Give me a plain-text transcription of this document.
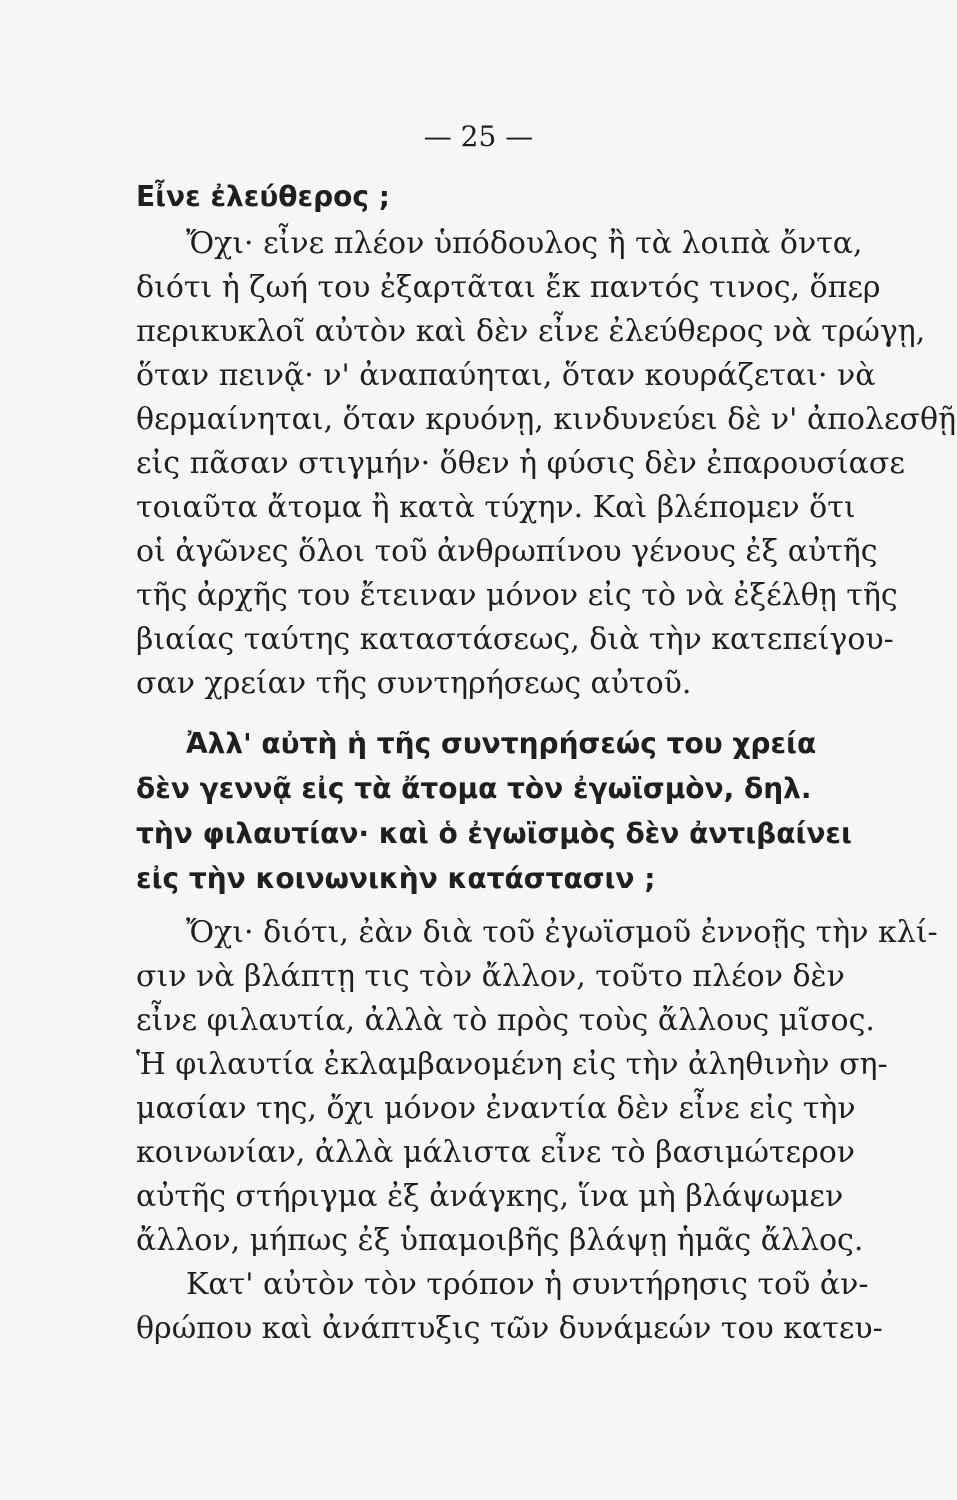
— 25 —
Εἶνε ἐλεύθερος ;
Ὄχι· εἶνε πλέον ὑπόδουλος ἢ τὰ λοιπὰ ὄντα,
διότι ἡ ζωή του ἐξαρτᾶται ἔκ παντός τινος, ὅπερ
περικυκλοῖ αὐτὸν καὶ δὲν εἶνε ἐλεύθερος νὰ τρώγῃ,
ὅταν πεινᾷ· ν' ἀναπαύηται, ὅταν κουράζεται· νὰ
θερμαίνηται, ὅταν κρυόνῃ, κινδυνεύει δὲ ν' ἀπολεσθῇ
εἰς πᾶσαν στιγμήν· ὅθεν ἡ φύσις δὲν ἐπαρουσίασε
τοιαῦτα ἄτομα ἢ κατὰ τύχην. Καὶ βλέπομεν ὅτι
οἱ ἀγῶνες ὅλοι τοῦ ἀνθρωπίνου γένους ἐξ αὐτῆς
τῆς ἀρχῆς του ἔτειναν μόνον εἰς τὸ νὰ ἐξέλθῃ τῆς
βιαίας ταύτης καταστάσεως, διὰ τὴν κατεπείγου-
σαν χρείαν τῆς συντηρήσεως αὐτοῦ.
Ἀλλ' αὐτὴ ἡ τῆς συντηρήσεώς του χρεία
δὲν γεννᾷ εἰς τὰ ἄτομα τὸν ἐγωϊσμὸν, δηλ.
τὴν φιλαυτίαν· καὶ ὁ ἐγωϊσμὸς δὲν ἀντιβαίνει
εἰς τὴν κοινωνικὴν κατάστασιν ;
Ὄχι· διότι, ἐὰν διὰ τοῦ ἐγωϊσμοῦ ἐννοῇς τὴν κλί-
σιν νὰ βλάπτῃ τις τὸν ἄλλον, τοῦτο πλέον δὲν
εἶνε φιλαυτία, ἀλλὰ τὸ πρὸς τοὺς ἄλλους μῖσος.
Ἡ φιλαυτία ἐκλαμβανομένη εἰς τὴν ἀληθινὴν ση-
μασίαν της, ὄχι μόνον ἐναντία δὲν εἶνε εἰς τὴν
κοινωνίαν, ἀλλὰ μάλιστα εἶνε τὸ βασιμώτερον
αὐτῆς στήριγμα ἐξ ἀνάγκης, ἵνα μὴ βλάψωμεν
ἄλλον, μήπως ἐξ ὑπαμοιβῆς βλάψῃ ἡμᾶς ἄλλος.
Κατ' αὐτὸν τὸν τρόπον ἡ συντήρησις τοῦ ἀν-
θρώπου καὶ ἀνάπτυξις τῶν δυνάμεών του κατευ-
